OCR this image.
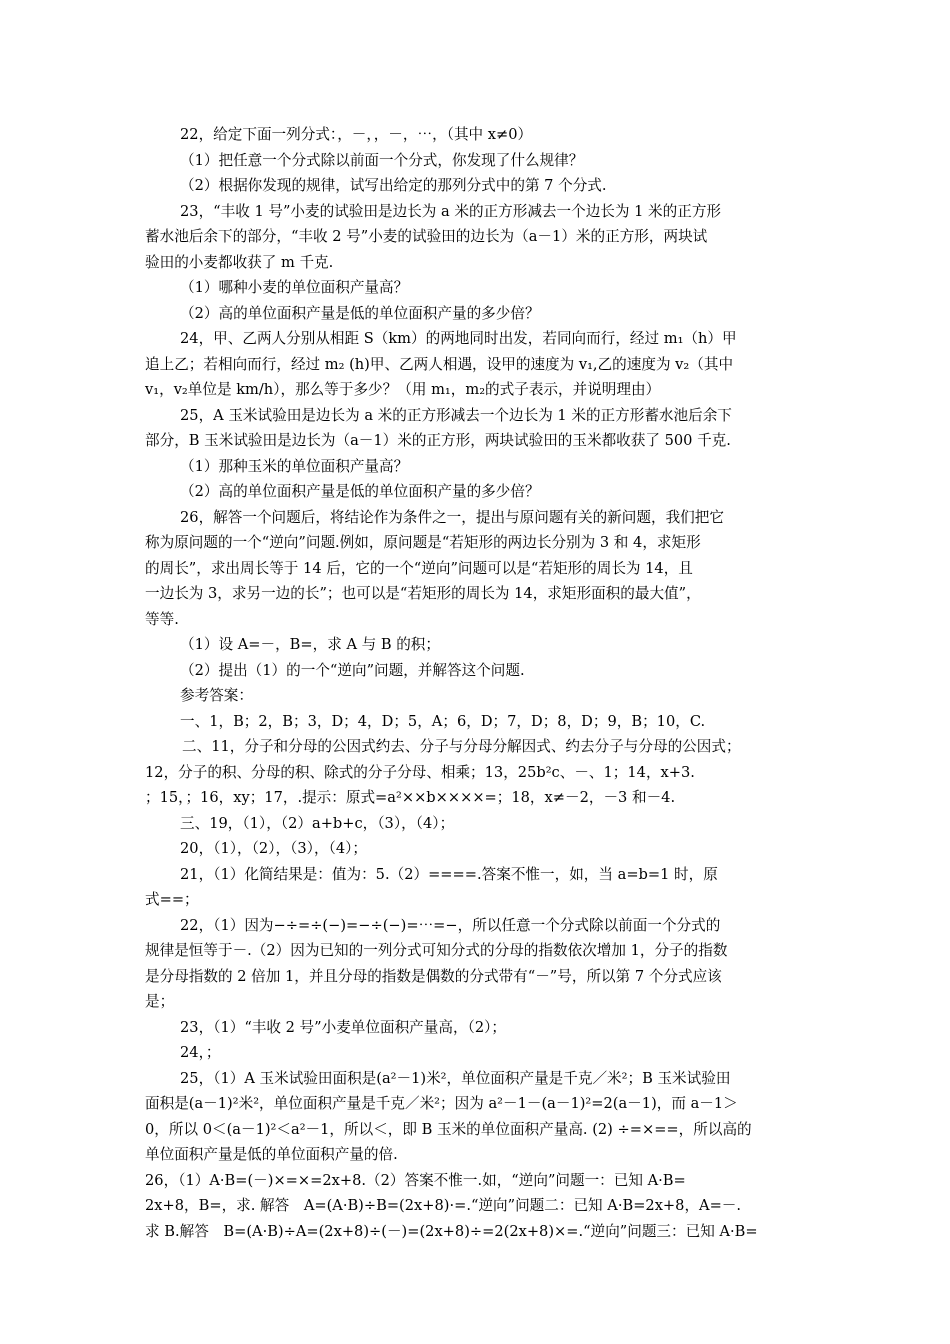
22，给定下面一列分式：，－，，－，⋯，（其中 x≠0）

（1）把任意一个分式除以前面一个分式，你发现了什么规律？

（2）根据你发现的规律，试写出给定的那列分式中的第 7 个分式.

23，“丰收 1 号”小麦的试验田是边长为 a 米的正方形减去一个边长为 1 米的正方形

蓄水池后余下的部分，“丰收 2 号”小麦的试验田的边长为（a－1）米的正方形，两块试

验田的小麦都收获了 m 千克.

（1）哪种小麦的单位面积产量高？

（2）高的单位面积产量是低的单位面积产量的多少倍？

24，甲、乙两人分别从相距 S（km）的两地同时出发，若同向而行，经过 m₁（h）甲

追上乙；若相向而行，经过 m₂ (h)甲、乙两人相遇，设甲的速度为 v₁,乙的速度为 v₂（其中

v₁，v₂单位是 km/h），那么等于多少？（用 m₁，m₂的式子表示，并说明理由）

25，A 玉米试验田是边长为 a 米的正方形减去一个边长为 1 米的正方形蓄水池后余下

部分，B 玉米试验田是边长为（a－1）米的正方形，两块试验田的玉米都收获了 500 千克.

（1）那种玉米的单位面积产量高？

（2）高的单位面积产量是低的单位面积产量的多少倍？

26，解答一个问题后，将结论作为条件之一，提出与原问题有关的新问题，我们把它

称为原问题的一个“逆向”问题.例如，原问题是“若矩形的两边长分别为 3 和 4，求矩形

的周长”，求出周长等于 14 后，它的一个“逆向”问题可以是“若矩形的周长为 14，且

一边长为 3，求另一边的长”；也可以是“若矩形的周长为 14，求矩形面积的最大值”，

等等.

（1）设 A=－，B=，求 A 与 B 的积；

（2）提出（1）的一个“逆向”问题，并解答这个问题.

参考答案：

一、1，B；2，B；3，D；4，D；5，A；6，D；7，D；8，D；9，B；10，C.

二、11，分子和分母的公因式约去、分子与分母分解因式、约去分子与分母的公因式；

12，分子的积、分母的积、除式的分子分母、相乘；13，25b²c、－、1；14，x+3.

；15，；16，xy；17，.提示：原式=a²××b××××=；18，x≠－2，－3 和－4.

三、19，（1），（2）a+b+c，（3），（4）；

20，（1），（2），（3），（4）；

21，（1）化简结果是：值为：5.（2）====.答案不惟一，如，当 a=b=1 时，原

式==；

22，（1）因为−÷=÷(−)=−÷(−)=⋯=−，所以任意一个分式除以前面一个分式的

规律是恒等于－.（2）因为已知的一列分式可知分式的分母的指数依次增加 1，分子的指数

是分母指数的 2 倍加 1，并且分母的指数是偶数的分式带有“－”号，所以第 7 个分式应该

是；

23，（1）“丰收 2 号”小麦单位面积产量高，（2）；

24，；

25，（1）A 玉米试验田面积是(a²－1)米²，单位面积产量是千克／米²；B 玉米试验田

面积是(a－1)²米²，单位面积产量是千克／米²；因为 a²－1－(a－1)²=2(a－1)，而 a－1＞

0，所以 0＜(a－1)²＜a²－1，所以＜，即 B 玉米的单位面积产量高. (2) ÷=×==，所以高的

单位面积产量是低的单位面积产量的倍.

26，（1）A·B=(－)×=×=2x+8.（2）答案不惟一.如，“逆向”问题一：已知 A·B=

2x+8，B=，求. 解答　A=(A·B)÷B=(2x+8)·=.“逆向”问题二：已知 A·B=2x+8，A=－.

求 B.解答　B=(A·B)÷A=(2x+8)÷(－)=(2x+8)÷=2(2x+8)×=.“逆向”问题三：已知 A·B=
